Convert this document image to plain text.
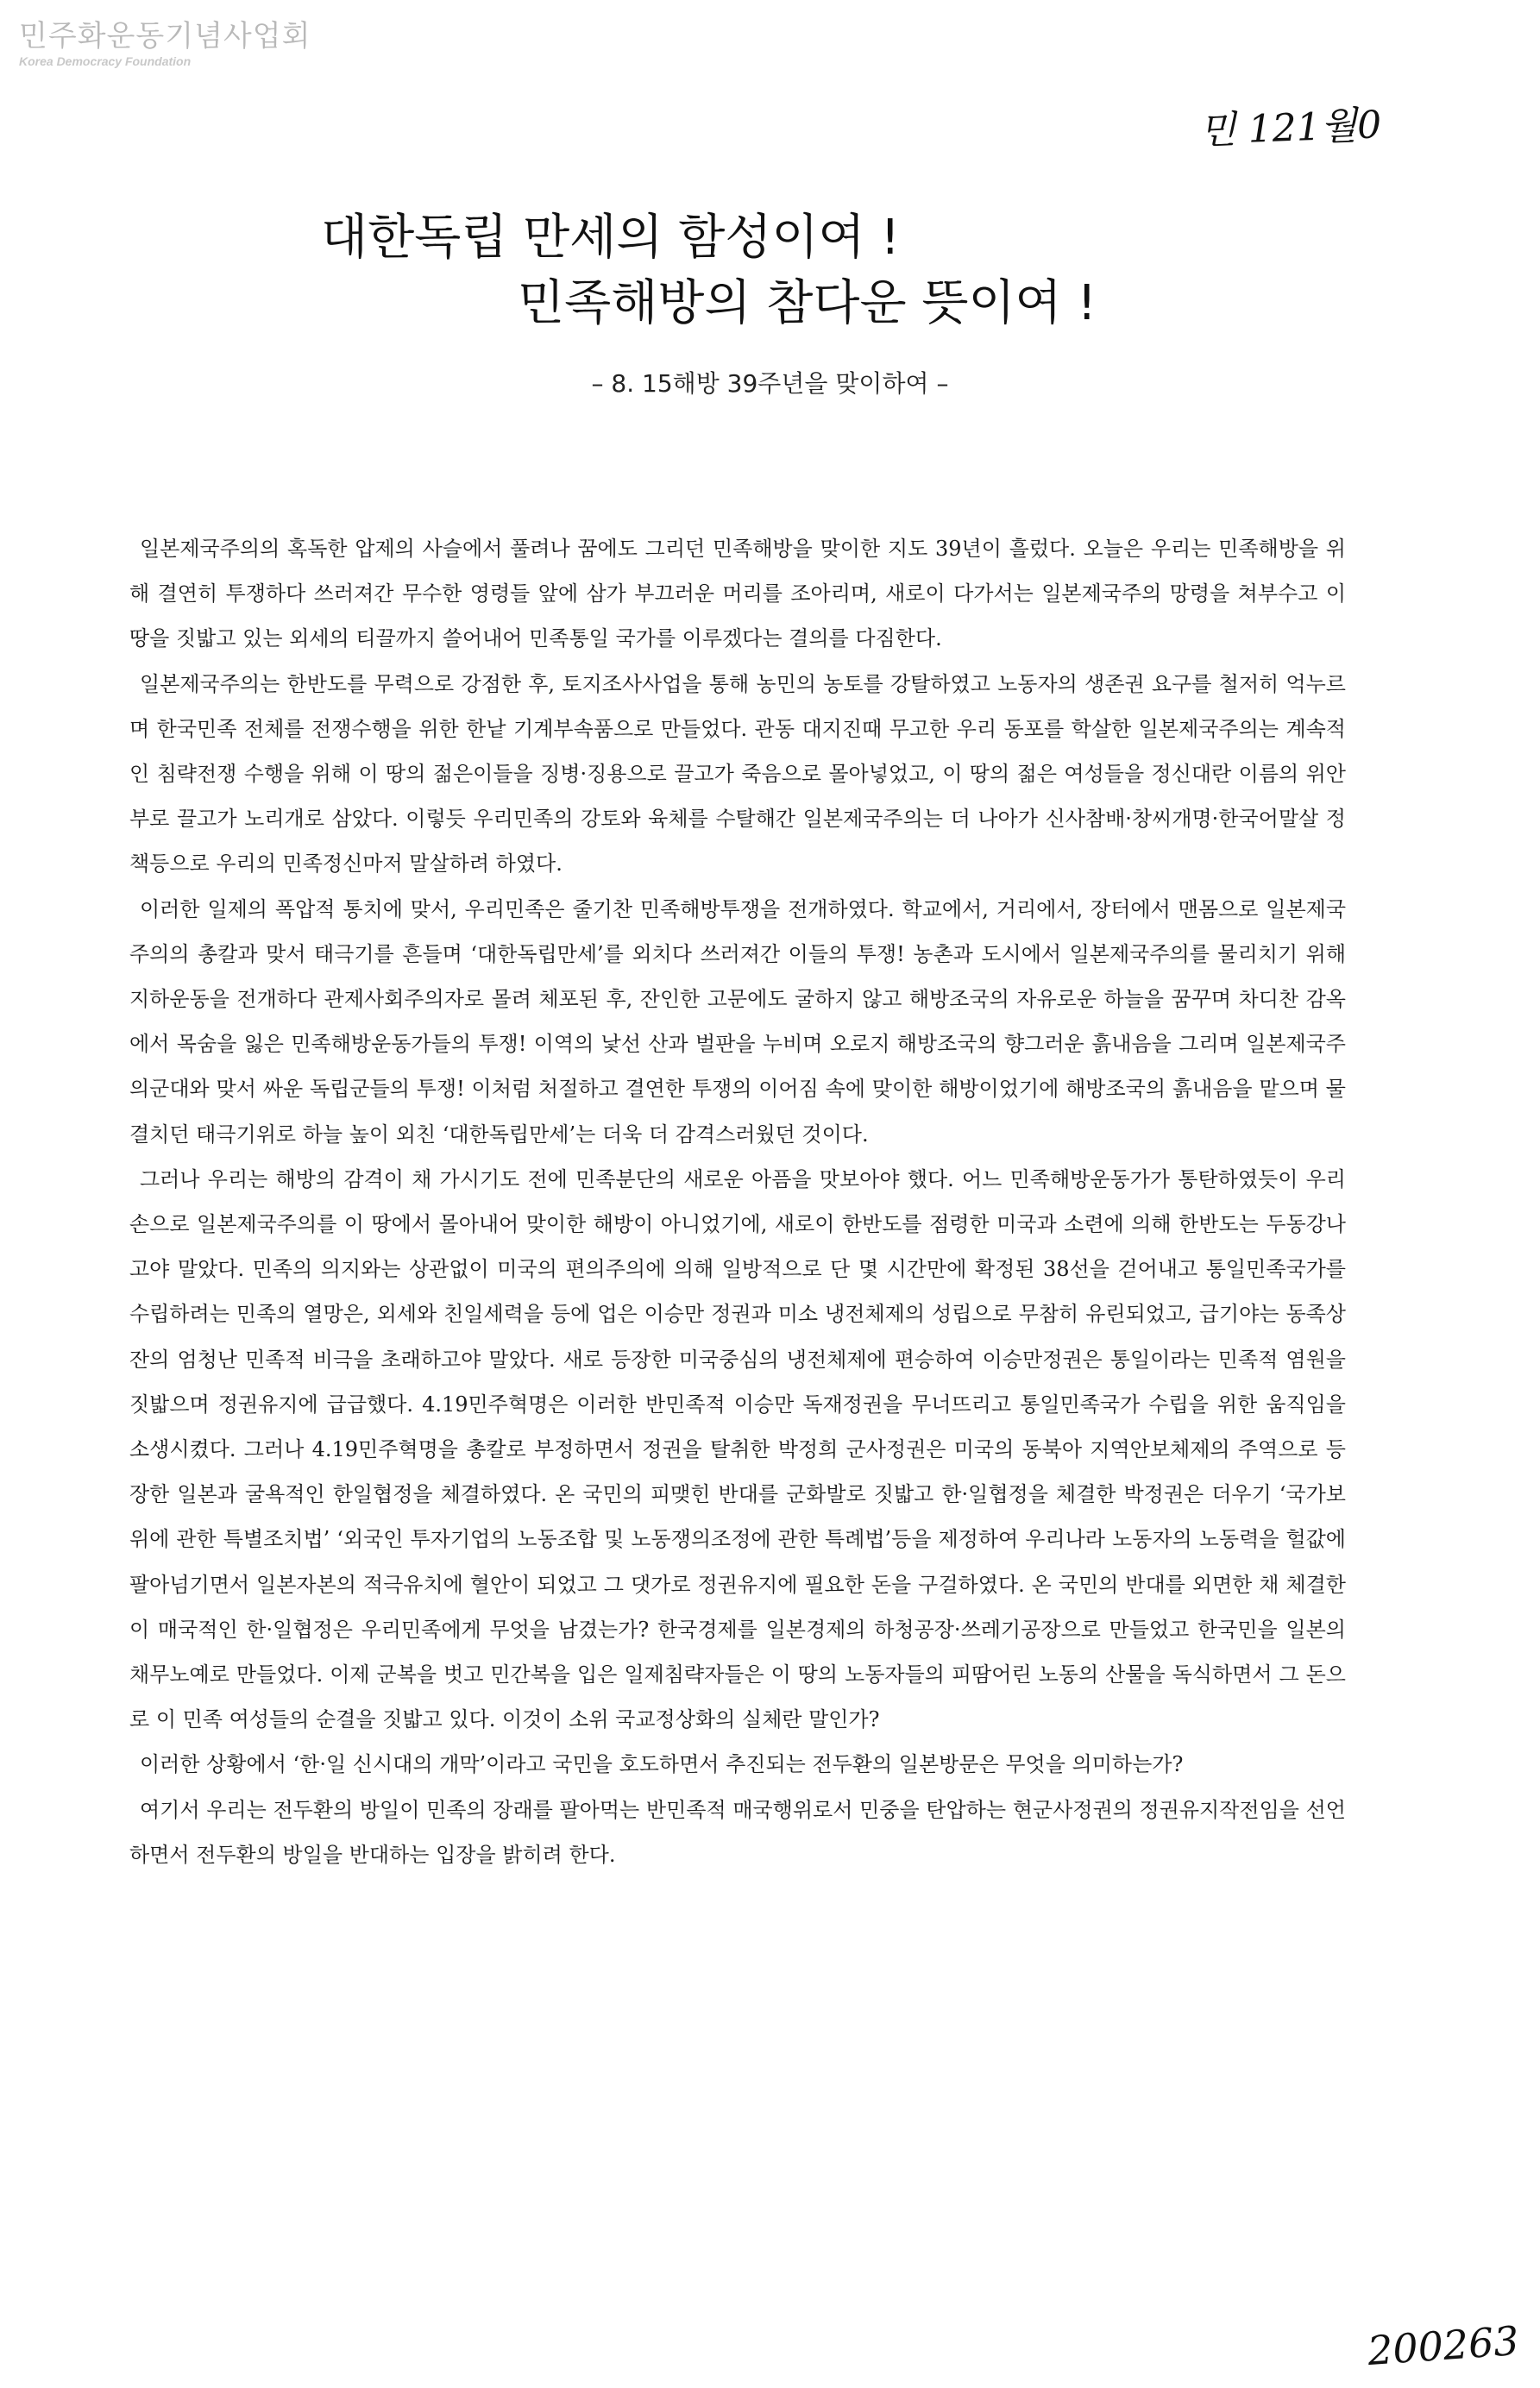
민주화운동기념사업회
Korea Democracy Foundation
민 121월0
대한독립 만세의 함성이여 !
민족해방의 참다운 뜻이여 !
– 8. 15해방 39주년을 맞이하여 –

일본제국주의의 혹독한 압제의 사슬에서 풀려나 꿈에도 그리던 민족해방을 맞이한 지도 39년이 흘렀다. 오늘은 우리는 민족해방을 위해 결연히 투쟁하다 쓰러져간 무수한 영령들 앞에 삼가 부끄러운 머리를 조아리며, 새로이 다가서는 일본제국주의 망령을 쳐부수고 이 땅을 짓밟고 있는 외세의 티끌까지 쓸어내어 민족통일 국가를 이루겠다는 결의를 다짐한다.

일본제국주의는 한반도를 무력으로 강점한 후, 토지조사사업을 통해 농민의 농토를 강탈하였고 노동자의 생존권 요구를 철저히 억누르며 한국민족 전체를 전쟁수행을 위한 한낱 기계부속품으로 만들었다. 관동 대지진때 무고한 우리 동포를 학살한 일본제국주의는 계속적인 침략전쟁 수행을 위해 이 땅의 젊은이들을 징병·징용으로 끌고가 죽음으로 몰아넣었고, 이 땅의 젊은 여성들을 정신대란 이름의 위안부로 끌고가 노리개로 삼았다. 이렇듯 우리민족의 강토와 육체를 수탈해간 일본제국주의는 더 나아가 신사참배·창씨개명·한국어말살 정책등으로 우리의 민족정신마저 말살하려 하였다.

이러한 일제의 폭압적 통치에 맞서, 우리민족은 줄기찬 민족해방투쟁을 전개하였다. 학교에서, 거리에서, 장터에서 맨몸으로 일본제국주의의 총칼과 맞서 태극기를 흔들며 ‘대한독립만세’를 외치다 쓰러져간 이들의 투쟁! 농촌과 도시에서 일본제국주의를 물리치기 위해 지하운동을 전개하다 관제사회주의자로 몰려 체포된 후, 잔인한 고문에도 굴하지 않고 해방조국의 자유로운 하늘을 꿈꾸며 차디찬 감옥에서 목숨을 잃은 민족해방운동가들의 투쟁! 이역의 낯선 산과 벌판을 누비며 오로지 해방조국의 향그러운 흙내음을 그리며 일본제국주의군대와 맞서 싸운 독립군들의 투쟁! 이처럼 처절하고 결연한 투쟁의 이어짐 속에 맞이한 해방이었기에 해방조국의 흙내음을 맡으며 물결치던 태극기위로 하늘 높이 외친 ‘대한독립만세’는 더욱 더 감격스러웠던 것이다.

그러나 우리는 해방의 감격이 채 가시기도 전에 민족분단의 새로운 아픔을 맛보아야 했다. 어느 민족해방운동가가 통탄하였듯이 우리 손으로 일본제국주의를 이 땅에서 몰아내어 맞이한 해방이 아니었기에, 새로이 한반도를 점령한 미국과 소련에 의해 한반도는 두동강나고야 말았다. 민족의 의지와는 상관없이 미국의 편의주의에 의해 일방적으로 단 몇 시간만에 확정된 38선을 걷어내고 통일민족국가를 수립하려는 민족의 열망은, 외세와 친일세력을 등에 업은 이승만 정권과 미소 냉전체제의 성립으로 무참히 유린되었고, 급기야는 동족상잔의 엄청난 민족적 비극을 초래하고야 말았다. 새로 등장한 미국중심의 냉전체제에 편승하여 이승만정권은 통일이라는 민족적 염원을 짓밟으며 정권유지에 급급했다. 4.19민주혁명은 이러한 반민족적 이승만 독재정권을 무너뜨리고 통일민족국가 수립을 위한 움직임을 소생시켰다. 그러나 4.19민주혁명을 총칼로 부정하면서 정권을 탈취한 박정희 군사정권은 미국의 동북아 지역안보체제의 주역으로 등장한 일본과 굴욕적인 한일협정을 체결하였다. 온 국민의 피맺힌 반대를 군화발로 짓밟고 한·일협정을 체결한 박정권은 더우기 ‘국가보위에 관한 특별조치법’ ‘외국인 투자기업의 노동조합 및 노동쟁의조정에 관한 특례법’등을 제정하여 우리나라 노동자의 노동력을 헐값에 팔아넘기면서 일본자본의 적극유치에 혈안이 되었고 그 댓가로 정권유지에 필요한 돈을 구걸하였다. 온 국민의 반대를 외면한 채 체결한 이 매국적인 한·일협정은 우리민족에게 무엇을 남겼는가? 한국경제를 일본경제의 하청공장·쓰레기공장으로 만들었고 한국민을 일본의 채무노예로 만들었다. 이제 군복을 벗고 민간복을 입은 일제침략자들은 이 땅의 노동자들의 피땀어린 노동의 산물을 독식하면서 그 돈으로 이 민족 여성들의 순결을 짓밟고 있다. 이것이 소위 국교정상화의 실체란 말인가?

이러한 상황에서 ‘한·일 신시대의 개막’이라고 국민을 호도하면서 추진되는 전두환의 일본방문은 무엇을 의미하는가?

여기서 우리는 전두환의 방일이 민족의 장래를 팔아먹는 반민족적 매국행위로서 민중을 탄압하는 현군사정권의 정권유지작전임을 선언하면서 전두환의 방일을 반대하는 입장을 밝히려 한다.

200263
